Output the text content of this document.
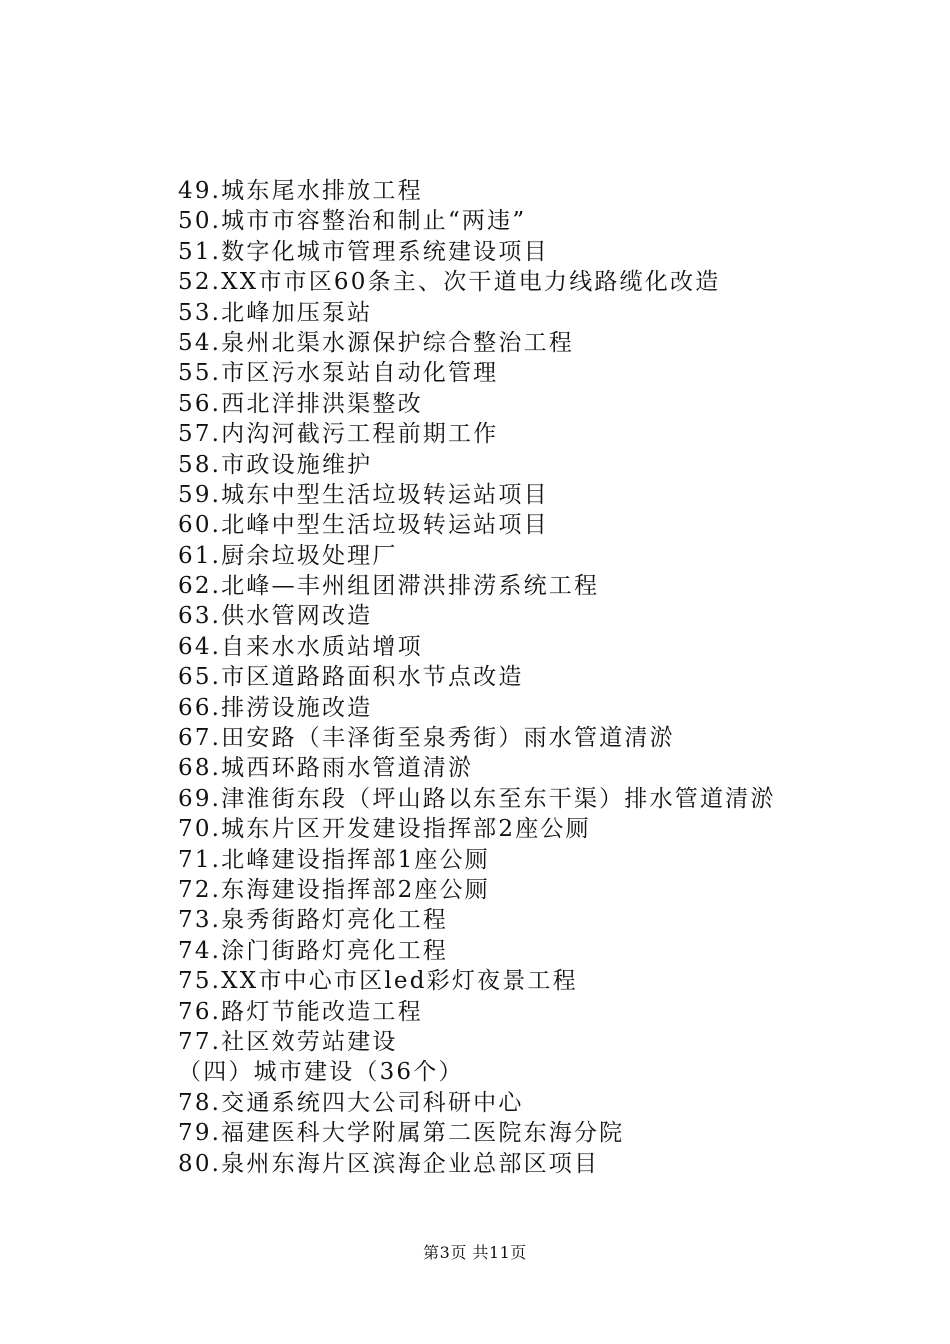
49.城东尾水排放工程
50.城市市容整治和制止“两违”
51.数字化城市管理系统建设项目
52.XX市市区60条主、次干道电力线路缆化改造
53.北峰加压泵站
54.泉州北渠水源保护综合整治工程
55.市区污水泵站自动化管理
56.西北洋排洪渠整改
57.内沟河截污工程前期工作
58.市政设施维护
59.城东中型生活垃圾转运站项目
60.北峰中型生活垃圾转运站项目
61.厨余垃圾处理厂
62.北峰—丰州组团滞洪排涝系统工程
63.供水管网改造
64.自来水水质站增项
65.市区道路路面积水节点改造
66.排涝设施改造
67.田安路（丰泽街至泉秀街）雨水管道清淤
68.城西环路雨水管道清淤
69.津淮街东段（坪山路以东至东干渠）排水管道清淤
70.城东片区开发建设指挥部2座公厕
71.北峰建设指挥部1座公厕
72.东海建设指挥部2座公厕
73.泉秀街路灯亮化工程
74.涂门街路灯亮化工程
75.XX市中心市区led彩灯夜景工程
76.路灯节能改造工程
77.社区效劳站建设
（四）城市建设（36个）
78.交通系统四大公司科研中心
79.福建医科大学附属第二医院东海分院
80.泉州东海片区滨海企业总部区项目
第3页 共11页
